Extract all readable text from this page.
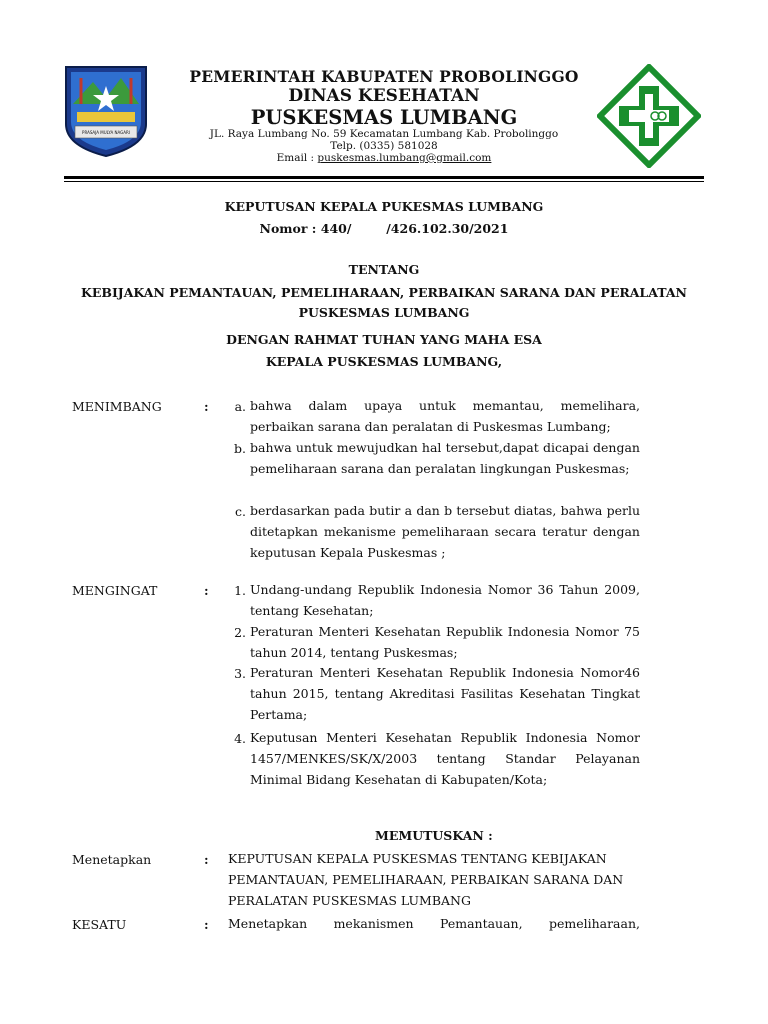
PRASAJA MULYA NAGARI
PEMERINTAH KABUPATEN PROBOLINGGO
DINAS KESEHATAN
PUSKESMAS LUMBANG
JL. Raya Lumbang No. 59 Kecamatan Lumbang Kab. Probolinggo
Telp. (0335) 581028
Email : puskesmas.lumbang@gmail.com
KEPUTUSAN KEPALA PUKESMAS LUMBANG
Nomor : 440/        /426.102.30/2021
TENTANG
KEBIJAKAN PEMANTAUAN, PEMELIHARAAN, PERBAIKAN SARANA DAN PERALATAN
PUSKESMAS LUMBANG
DENGAN RAHMAT TUHAN YANG MAHA ESA
KEPALA PUSKESMAS LUMBANG,
MENIMBANG	:	a. bahwa dalam upaya untuk memantau, memelihara, perbaikan sarana dan peralatan di Puskesmas Lumbang;
b. bahwa untuk mewujudkan hal tersebut,dapat dicapai dengan pemeliharaan sarana dan peralatan lingkungan Puskesmas;
c. berdasarkan pada butir a dan b tersebut diatas, bahwa perlu ditetapkan mekanisme pemeliharaan secara teratur dengan keputusan Kepala Puskesmas ;
MENGINGAT	:	1. Undang-undang Republik Indonesia Nomor 36 Tahun 2009, tentang Kesehatan;
2. Peraturan Menteri Kesehatan Republik Indonesia Nomor 75 tahun 2014, tentang Puskesmas;
3. Peraturan Menteri Kesehatan Republik Indonesia Nomor46 tahun 2015, tentang Akreditasi Fasilitas Kesehatan Tingkat Pertama;
4. Keputusan Menteri Kesehatan Republik Indonesia Nomor 1457/MENKES/SK/X/2003 tentang Standar Pelayanan Minimal Bidang Kesehatan di Kabupaten/Kota;
MEMUTUSKAN :
Menetapkan	: KEPUTUSAN KEPALA PUSKESMAS TENTANG KEBIJAKAN PEMANTAUAN, PEMELIHARAAN, PERBAIKAN SARANA DAN PERALATAN PUSKESMAS LUMBANG
KESATU	: Menetapkan mekanismen Pemantauan, pemeliharaan,
